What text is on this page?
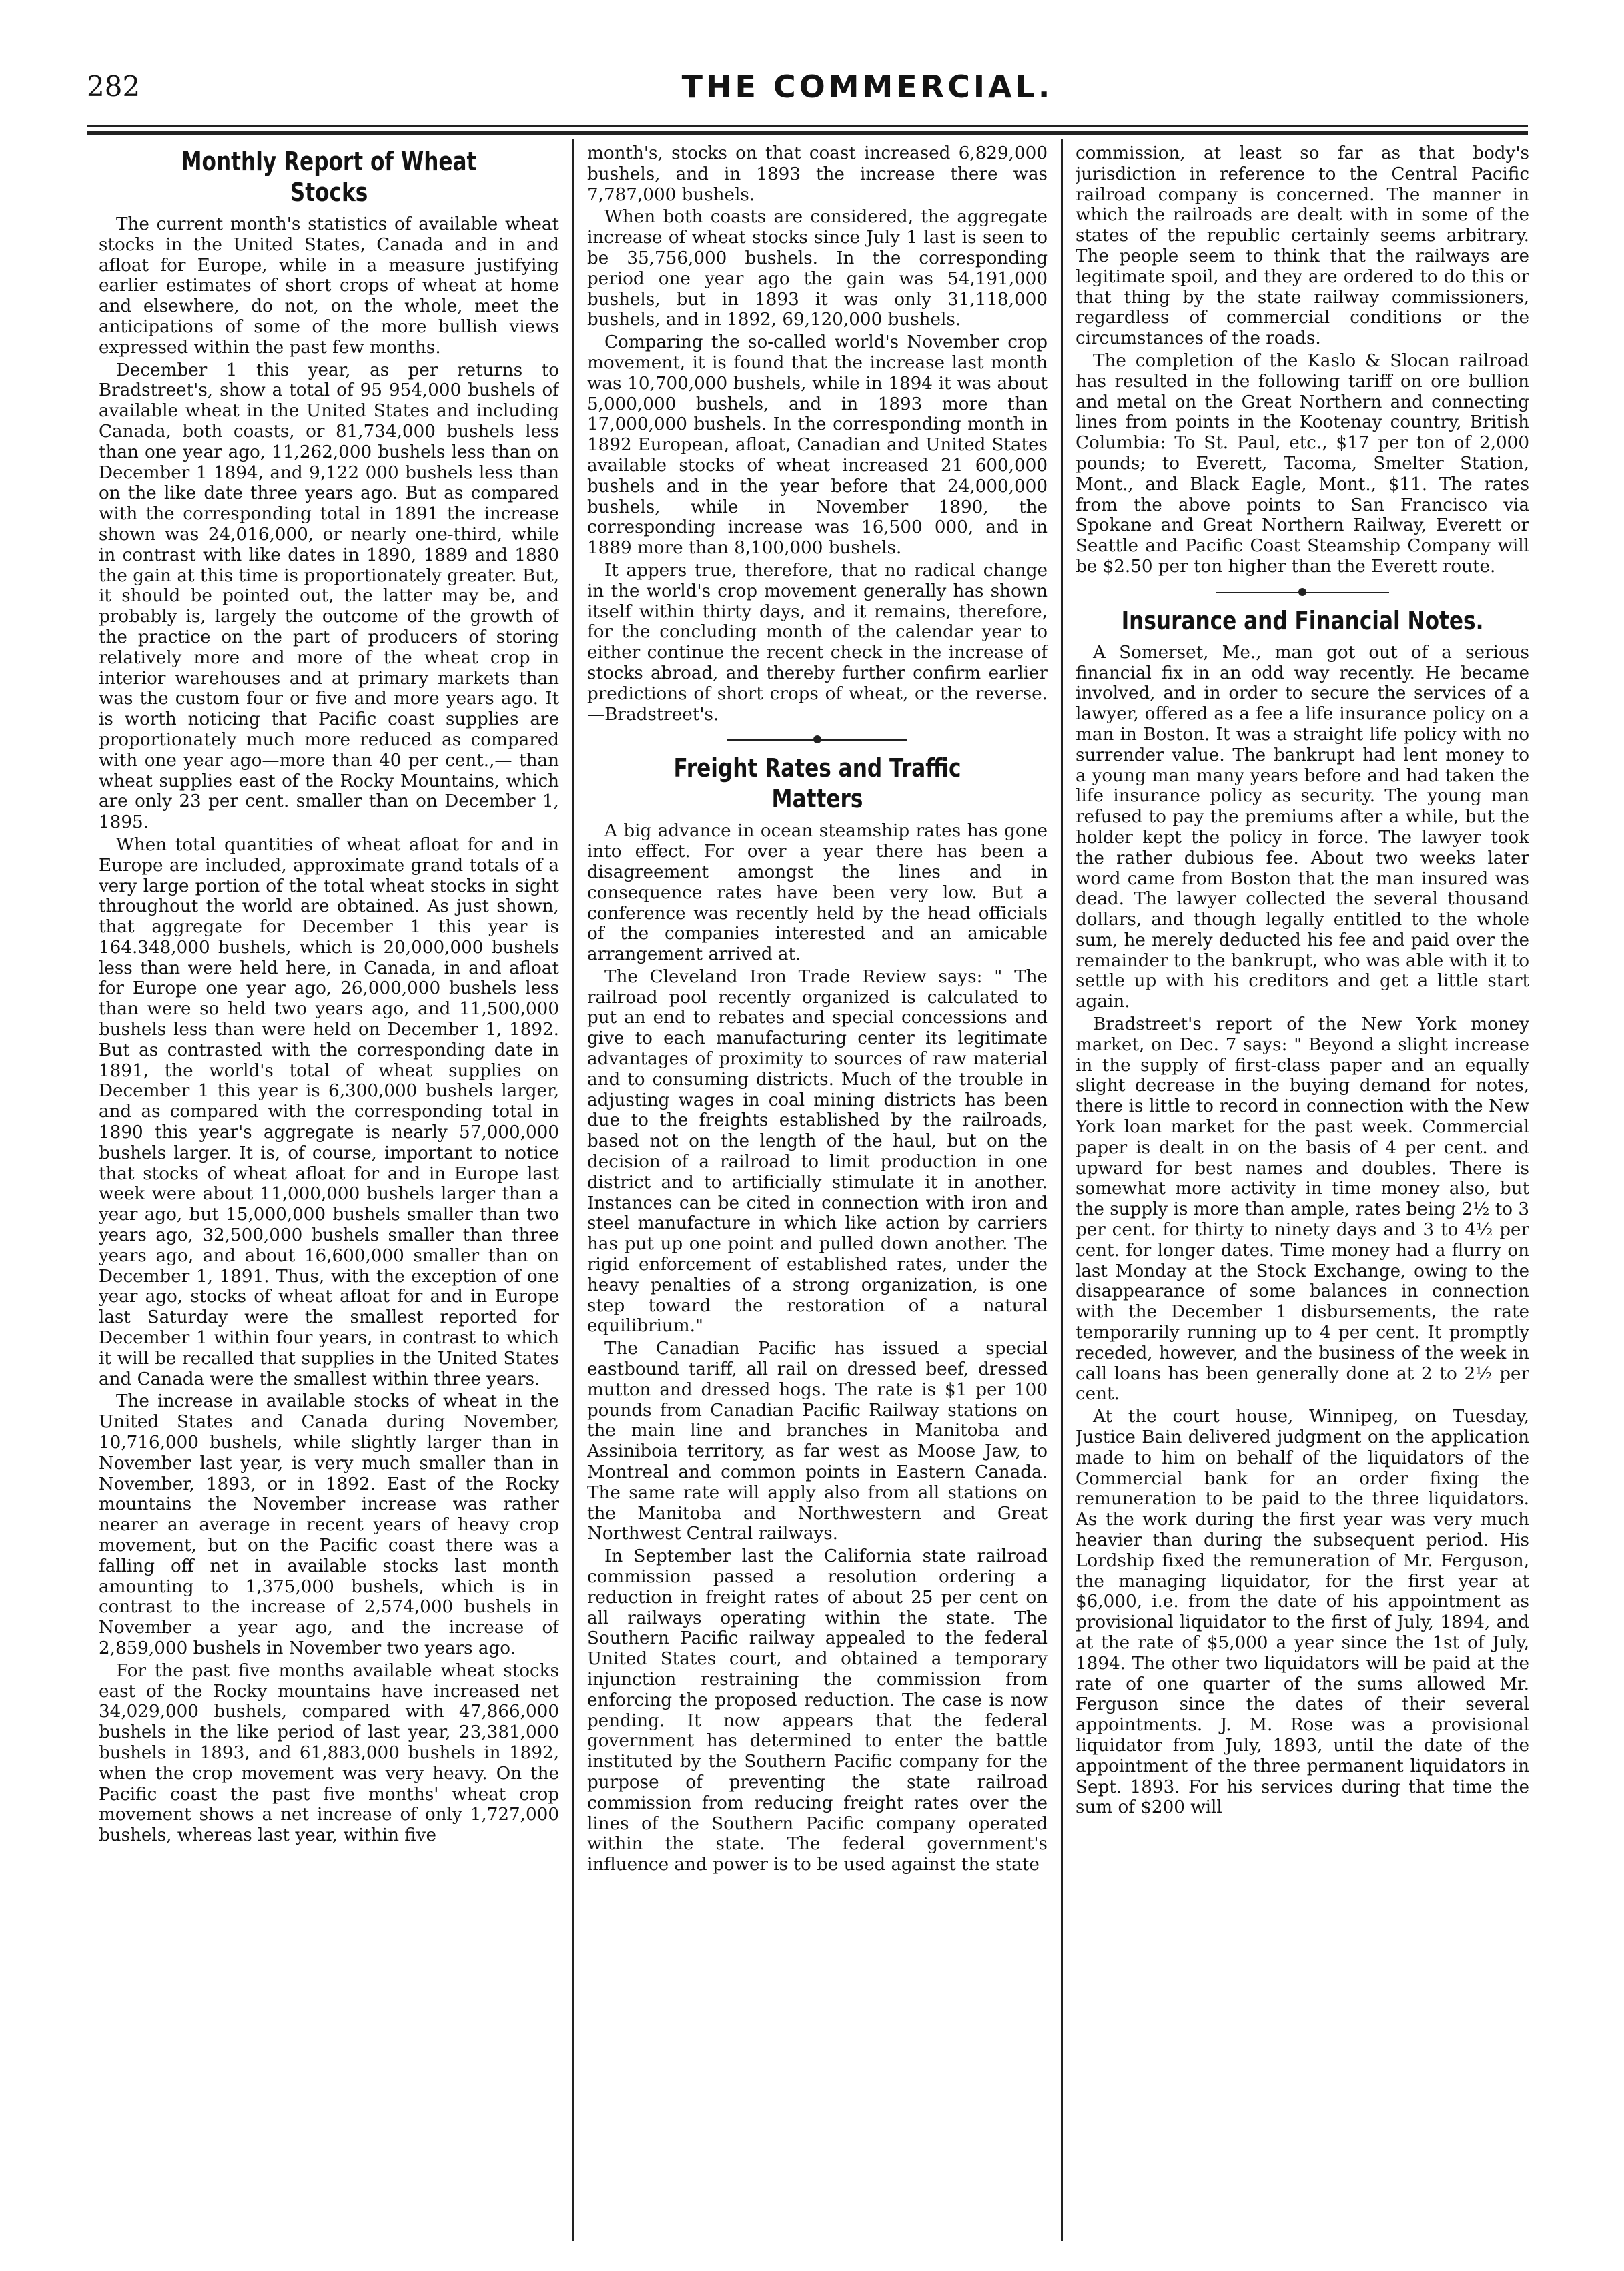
282	THE COMMERCIAL.
Monthly Report of Wheat Stocks

The current month's statistics of available wheat stocks in the United States, Canada and in and afloat for Europe, while in a measure justifying earlier estimates of short crops of wheat at home and elsewhere, do not, on the whole, meet the anticipations of some of the more bullish views expressed within the past few months.

December 1 this year, as per returns to Bradstreet's, show a total of 95 954,000 bushels of available wheat in the United States and including Canada, both coasts, or 81,734,000 bushels less than one year ago, 11,262,000 bushels less than on December 1 1894, and 9,122 000 bushels less than on the like date three years ago. But as compared with the corresponding total in 1891 the increase shown was 24,016,000, or nearly one-third, while in contrast with like dates in 1890, 1889 and 1880 the gain at this time is proportionately greater. But, it should be pointed out, the latter may be, and probably is, largely the outcome of the growth of the practice on the part of producers of storing relatively more and more of the wheat crop in interior warehouses and at primary markets than was the custom four or five and more years ago. It is worth noticing that Pacific coast supplies are proportionately much more reduced as compared with one year ago—more than 40 per cent.,— than wheat supplies east of the Rocky Mountains, which are only 23 per cent. smaller than on December 1, 1895.

When total quantities of wheat afloat for and in Europe are included, approximate grand totals of a very large portion of the total wheat stocks in sight throughout the world are obtained. As just shown, that aggregate for December 1 this year is 164.348,000 bushels, which is 20,000,000 bushels less than were held here, in Canada, in and afloat for Europe one year ago, 26,000,000 bushels less than were so held two years ago, and 11,500,000 bushels less than were held on December 1, 1892. But as contrasted with the corresponding date in 1891, the world's total of wheat supplies on December 1 this year is 6,300,000 bushels larger, and as compared with the corresponding total in 1890 this year's aggregate is nearly 57,000,000 bushels larger. It is, of course, important to notice that stocks of wheat afloat for and in Europe last week were about 11,000,000 bushels larger than a year ago, but 15,000,000 bushels smaller than two years ago, 32,500,000 bushels smaller than three years ago, and about 16,600,000 smaller than on December 1, 1891. Thus, with the exception of one year ago, stocks of wheat afloat for and in Europe last Saturday were the smallest reported for December 1 within four years, in contrast to which it will be recalled that supplies in the United States and Canada were the smallest within three years.

The increase in available stocks of wheat in the United States and Canada during November, 10,716,000 bushels, while slightly larger than in November last year, is very much smaller than in November, 1893, or in 1892. East of the Rocky mountains the November increase was rather nearer an average in recent years of heavy crop movement, but on the Pacific coast there was a falling off net in available stocks last month amounting to 1,375,000 bushels, which is in contrast to the increase of 2,574,000 bushels in November a year ago, and the increase of 2,859,000 bushels in November two years ago.

For the past five months available wheat stocks east of the Rocky mountains have increased net 34,029,000 bushels, compared with 47,866,000 bushels in the like period of last year, 23,381,000 bushels in 1893, and 61,883,000 bushels in 1892, when the crop movement was very heavy. On the Pacific coast the past five months' wheat crop movement shows a net increase of only 1,727,000 bushels, whereas last year, within five

month's, stocks on that coast increased 6,829,000 bushels, and in 1893 the increase there was 7,787,000 bushels.

When both coasts are considered, the aggregate increase of wheat stocks since July 1 last is seen to be 35,756,000 bushels. In the corresponding period one year ago the gain was 54,191,000 bushels, but in 1893 it was only 31,118,000 bushels, and in 1892, 69,120,000 bushels.

Comparing the so-called world's November crop movement, it is found that the increase last month was 10,700,000 bushels, while in 1894 it was about 5,000,000 bushels, and in 1893 more than 17,000,000 bushels. In the corresponding month in 1892 European, afloat, Canadian and United States available stocks of wheat increased 21 600,000 bushels and in the year before that 24,000,000 bushels, while in November 1890, the corresponding increase was 16,500 000, and in 1889 more than 8,100,000 bushels.

It appers true, therefore, that no radical change in the world's crop movement generally has shown itself within thirty days, and it remains, therefore, for the concluding month of the calendar year to either continue the recent check in the increase of stocks abroad, and thereby further confirm earlier predictions of short crops of wheat, or the reverse.—Bradstreet's.

Freight Rates and Traffic Matters

A big advance in ocean steamship rates has gone into effect. For over a year there has been a disagreement amongst the lines and in consequence rates have been very low. But a conference was recently held by the head officials of the companies interested and an amicable arrangement arrived at.

The Cleveland Iron Trade Review says: " The railroad pool recently organized is calculated to put an end to rebates and special concessions and give to each manufacturing center its legitimate advantages of proximity to sources of raw material and to consuming districts. Much of the trouble in adjusting wages in coal mining districts has been due to the freights established by the railroads, based not on the length of the haul, but on the decision of a railroad to limit production in one district and to artificially stimulate it in another. Instances can be cited in connection with iron and steel manufacture in which like action by carriers has put up one point and pulled down another. The rigid enforcement of established rates, under the heavy penalties of a strong organization, is one step toward the restoration of a natural equilibrium."

The Canadian Pacific has issued a special eastbound tariff, all rail on dressed beef, dressed mutton and dressed hogs. The rate is $1 per 100 pounds from Canadian Pacific Railway stations on the main line and branches in Manitoba and Assiniboia territory, as far west as Moose Jaw, to Montreal and common points in Eastern Canada. The same rate will apply also from all stations on the Manitoba and Northwestern and Great Northwest Central railways.

In September last the California state railroad commission passed a resolution ordering a reduction in freight rates of about 25 per cent on all railways operating within the state. The Southern Pacific railway appealed to the federal United States court, and obtained a temporary injunction restraining the commission from enforcing the proposed reduction. The case is now pending. It now appears that the federal government has determined to enter the battle instituted by the Southern Pacific company for the purpose of preventing the state railroad commission from reducing freight rates over the lines of the Southern Pacific company operated within the state. The federal government's influence and power is to be used against the state

commission, at least so far as that body's jurisdiction in reference to the Central Pacific railroad company is concerned. The manner in which the railroads are dealt with in some of the states of the republic certainly seems arbitrary. The people seem to think that the railways are legitimate spoil, and they are ordered to do this or that thing by the state railway commissioners, regardless of commercial conditions or the circumstances of the roads.

The completion of the Kaslo & Slocan railroad has resulted in the following tariff on ore bullion and metal on the Great Northern and connecting lines from points in the Kootenay country, British Columbia: To St. Paul, etc., $17 per ton of 2,000 pounds; to Everett, Tacoma, Smelter Station, Mont., and Black Eagle, Mont., $11. The rates from the above points to San Francisco via Spokane and Great Northern Railway, Everett or Seattle and Pacific Coast Steamship Company will be $2.50 per ton higher than the Everett route.

Insurance and Financial Notes.

A Somerset, Me., man got out of a serious financial fix in an odd way recently. He became involved, and in order to secure the services of a lawyer, offered as a fee a life insurance policy on a man in Boston. It was a straight life policy with no surrender value. The bankrupt had lent money to a young man many years before and had taken the life insurance policy as security. The young man refused to pay the premiums after a while, but the holder kept the policy in force. The lawyer took the rather dubious fee. About two weeks later word came from Boston that the man insured was dead. The lawyer collected the several thousand dollars, and though legally entitled to the whole sum, he merely deducted his fee and paid over the remainder to the bankrupt, who was able with it to settle up with his creditors and get a little start again.

Bradstreet's report of the New York money market, on Dec. 7 says: " Beyond a slight increase in the supply of first-class paper and an equally slight decrease in the buying demand for notes, there is little to record in connection with the New York loan market for the past week. Commercial paper is dealt in on the basis of 4 per cent. and upward for best names and doubles. There is somewhat more activity in time money also, but the supply is more than ample, rates being 2½ to 3 per cent. for thirty to ninety days and 3 to 4½ per cent. for longer dates. Time money had a flurry on last Monday at the Stock Exchange, owing to the disappearance of some balances in connection with the December 1 disbursements, the rate temporarily running up to 4 per cent. It promptly receded, however, and the business of the week in call loans has been generally done at 2 to 2½ per cent.

At the court house, Winnipeg, on Tuesday, Justice Bain delivered judgment on the application made to him on behalf of the liquidators of the Commercial bank for an order fixing the remuneration to be paid to the three liquidators. As the work during the first year was very much heavier than during the subsequent period. His Lordship fixed the remuneration of Mr. Ferguson, the managing liquidator, for the first year at $6,000, i.e. from the date of his appointment as provisional liquidator to the first of July, 1894, and at the rate of $5,000 a year since the 1st of July, 1894. The other two liquidators will be paid at the rate of one quarter of the sums allowed Mr. Ferguson since the dates of their several appointments. J. M. Rose was a provisional liquidator from July, 1893, until the date of the appointment of the three permanent liquidators in Sept. 1893. For his services during that time the sum of $200 will
